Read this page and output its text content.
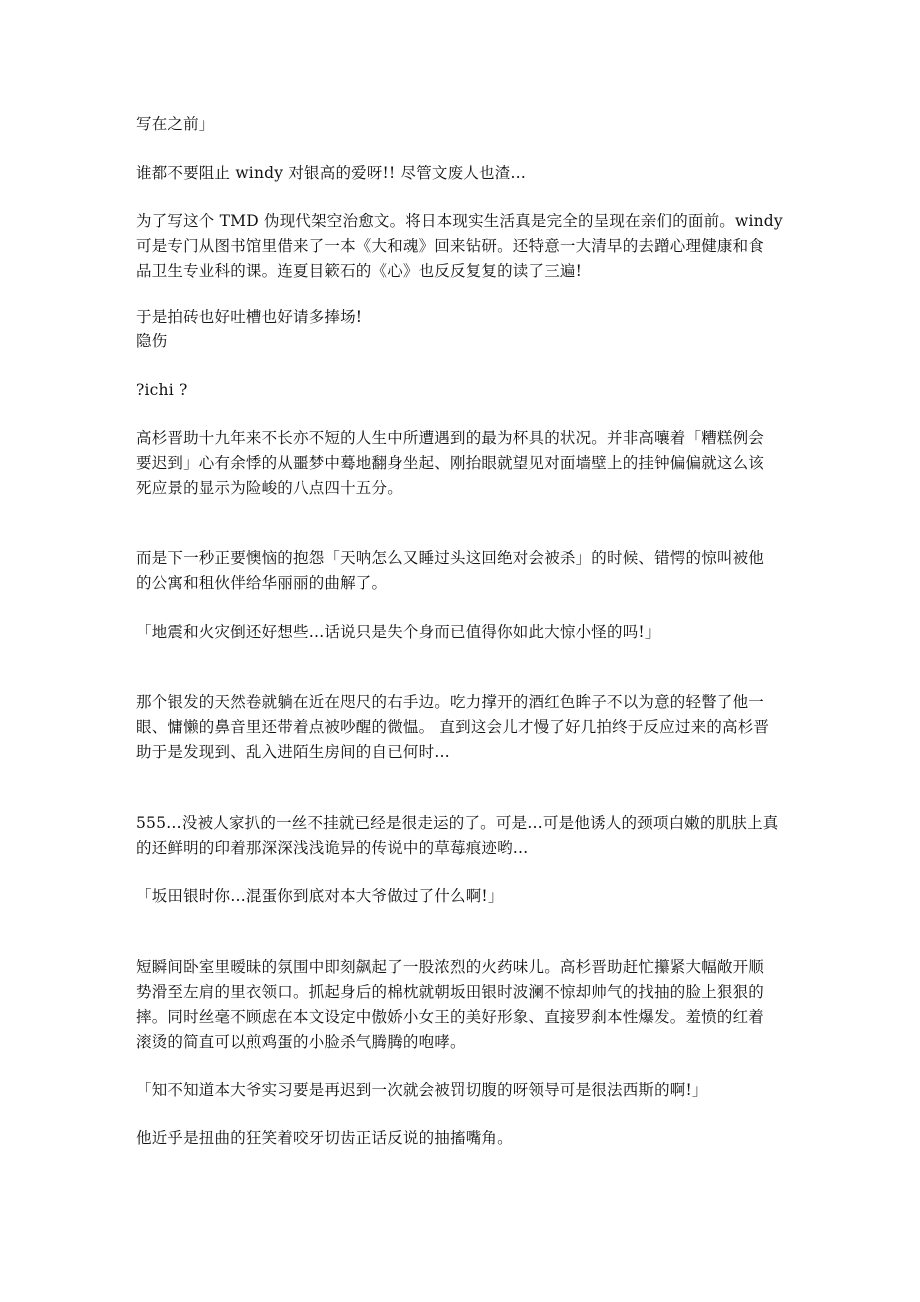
写在之前」
谁都不要阻止 windy 对银高的爱呀!! 尽管文废人也渣…
为了写这个 TMD 伪现代架空治愈文。将日本现实生活真是完全的呈现在亲们的面前。windy
可是专门从图书馆里借来了一本《大和魂》回来钻研。还特意一大清早的去蹭心理健康和食
品卫生专业科的课。连夏目簌石的《心》也反反复复的读了三遍!
于是拍砖也好吐槽也好请多捧场!
隐伤
?ichi ?
高杉晋助十九年来不长亦不短的人生中所遭遇到的最为杯具的状况。并非高嚷着「糟糕例会
要迟到」心有余悸的从噩梦中蓦地翻身坐起、刚抬眼就望见对面墙壁上的挂钟偏偏就这么该
死应景的显示为险峻的八点四十五分。
而是下一秒正要懊恼的抱怨「天呐怎么又睡过头这回绝对会被杀」的时候、错愕的惊叫被他
的公寓和租伙伴给华丽丽的曲解了。
「地震和火灾倒还好想些…话说只是失个身而已值得你如此大惊小怪的吗!」
那个银发的天然卷就躺在近在咫尺的右手边。吃力撑开的酒红色眸子不以为意的轻瞥了他一
眼、慵懒的鼻音里还带着点被吵醒的微愠。 直到这会儿才慢了好几拍终于反应过来的高杉晋
助于是发现到、乱入进陌生房间的自已何时…
555…没被人家扒的一丝不挂就已经是很走运的了。可是…可是他诱人的颈项白嫩的肌肤上真
的还鲜明的印着那深深浅浅诡异的传说中的草莓痕迹哟…
「坂田银时你…混蛋你到底对本大爷做过了什么啊!」
短瞬间卧室里暧昧的氛围中即刻飙起了一股浓烈的火药味儿。高杉晋助赶忙攥紧大幅敞开顺
势滑至左肩的里衣领口。抓起身后的棉枕就朝坂田银时波澜不惊却帅气的找抽的脸上狠狠的
摔。同时丝毫不顾虑在本文设定中傲娇小女王的美好形象、直接罗刹本性爆发。羞愤的红着
滚烫的简直可以煎鸡蛋的小脸杀气腾腾的咆哮。
「知不知道本大爷实习要是再迟到一次就会被罚切腹的呀领导可是很法西斯的啊!」
他近乎是扭曲的狂笑着咬牙切齿正话反说的抽搐嘴角。
